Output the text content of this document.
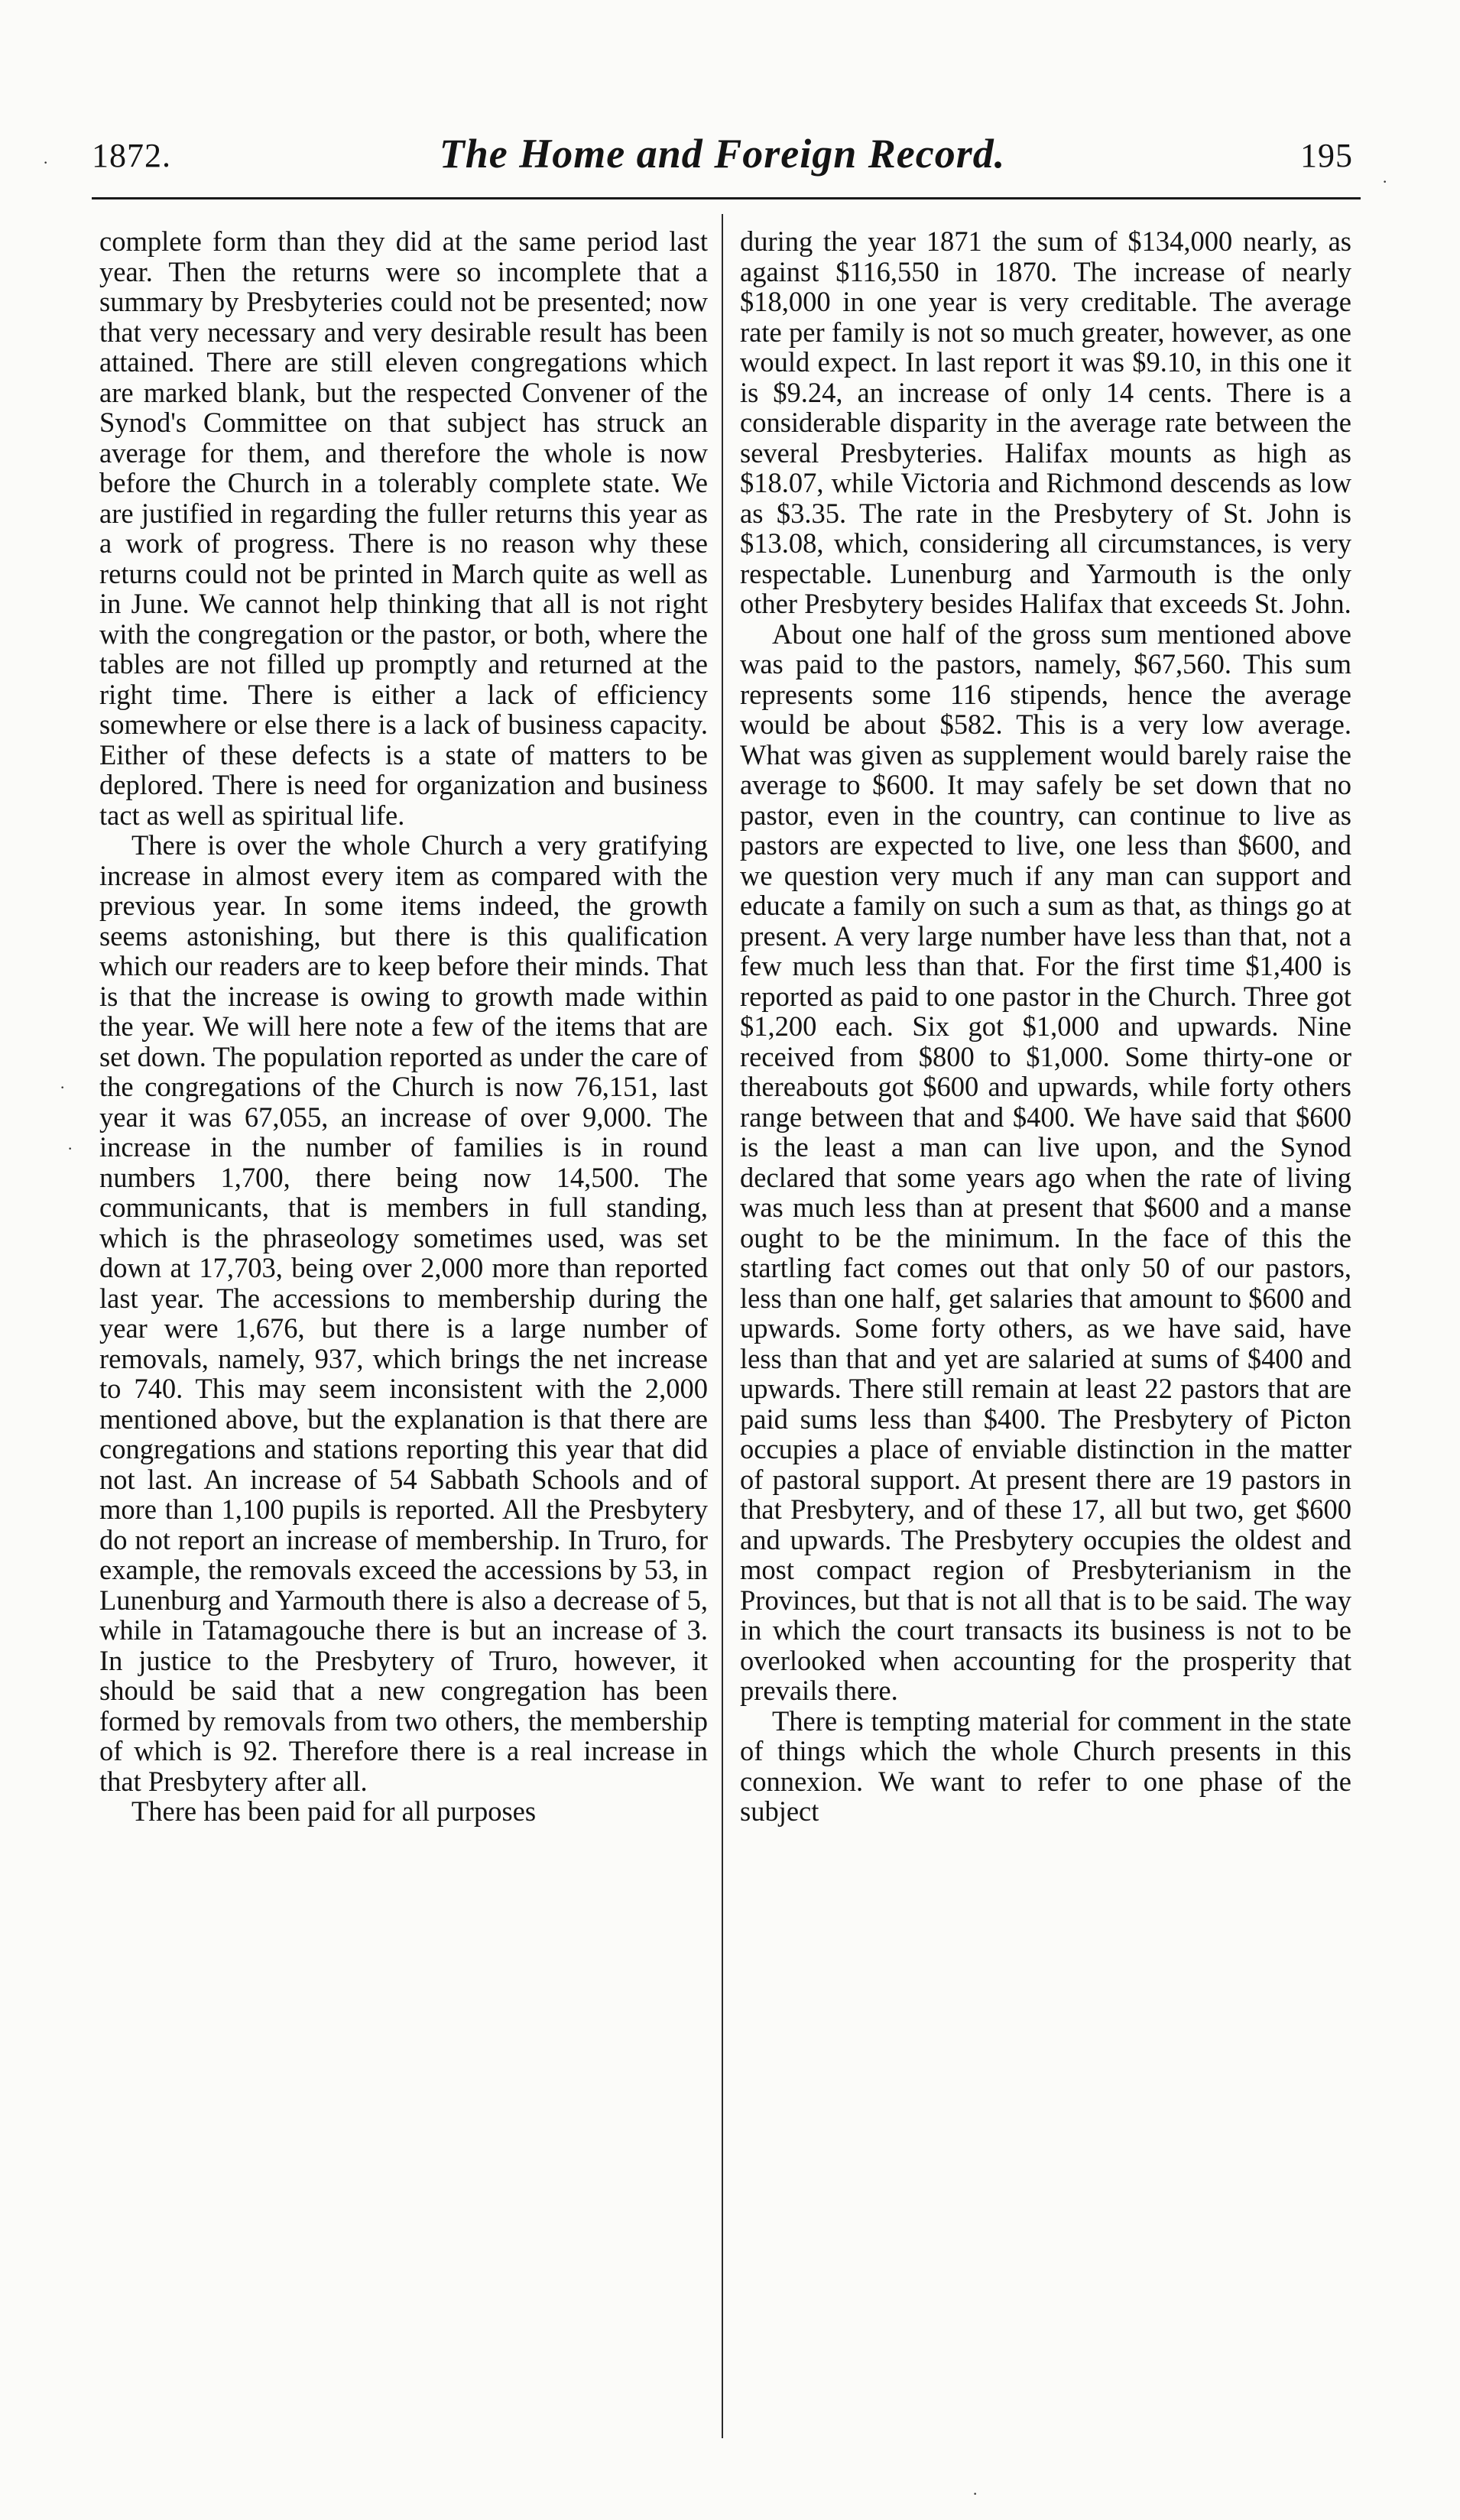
1872.	The Home and Foreign Record.	195

complete form than they did at the same period last year. Then the returns were so incomplete that a summary by Presbyteries could not be presented; now that very necessary and very desirable result has been attained. There are still eleven congregations which are marked blank, but the respected Convener of the Synod's Committee on that subject has struck an average for them, and therefore the whole is now before the Church in a tolerably complete state. We are justified in regarding the fuller returns this year as a work of progress. There is no reason why these returns could not be printed in March quite as well as in June. We cannot help thinking that all is not right with the congregation or the pastor, or both, where the tables are not filled up promptly and returned at the right time. There is either a lack of efficiency somewhere or else there is a lack of business capacity. Either of these defects is a state of matters to be deplored. There is need for organization and business tact as well as spiritual life.

There is over the whole Church a very gratifying increase in almost every item as compared with the previous year. In some items indeed, the growth seems astonishing, but there is this qualification which our readers are to keep before their minds. That is that the increase is owing to growth made within the year. We will here note a few of the items that are set down. The population reported as under the care of the congregations of the Church is now 76,151, last year it was 67,055, an increase of over 9,000. The increase in the number of families is in round numbers 1,700, there being now 14,500. The communicants, that is members in full standing, which is the phraseology sometimes used, was set down at 17,703, being over 2,000 more than reported last year. The accessions to membership during the year were 1,676, but there is a large number of removals, namely, 937, which brings the net increase to 740. This may seem inconsistent with the 2,000 mentioned above, but the explanation is that there are congregations and stations reporting this year that did not last. An increase of 54 Sabbath Schools and of more than 1,100 pupils is reported. All the Presbytery do not report an increase of membership. In Truro, for example, the removals exceed the accessions by 53, in Lunenburg and Yarmouth there is also a decrease of 5, while in Tatamagouche there is but an increase of 3. In justice to the Presbytery of Truro, however, it should be said that a new congregation has been formed by removals from two others, the membership of which is 92. Therefore there is a real increase in that Presbytery after all.

There has been paid for all purposes

during the year 1871 the sum of $134,000 nearly, as against $116,550 in 1870. The increase of nearly $18,000 in one year is very creditable. The average rate per family is not so much greater, however, as one would expect. In last report it was $9.10, in this one it is $9.24, an increase of only 14 cents. There is a considerable disparity in the average rate between the several Presbyteries. Halifax mounts as high as $18.07, while Victoria and Richmond descends as low as $3.35. The rate in the Presbytery of St. John is $13.08, which, considering all circumstances, is very respectable. Lunenburg and Yarmouth is the only other Presbytery besides Halifax that exceeds St. John.

About one half of the gross sum mentioned above was paid to the pastors, namely, $67,560. This sum represents some 116 stipends, hence the average would be about $582. This is a very low average. What was given as supplement would barely raise the average to $600. It may safely be set down that no pastor, even in the country, can continue to live as pastors are expected to live, one less than $600, and we question very much if any man can support and educate a family on such a sum as that, as things go at present. A very large number have less than that, not a few much less than that. For the first time $1,400 is reported as paid to one pastor in the Church. Three got $1,200 each. Six got $1,000 and upwards. Nine received from $800 to $1,000. Some thirty-one or thereabouts got $600 and upwards, while forty others range between that and $400. We have said that $600 is the least a man can live upon, and the Synod declared that some years ago when the rate of living was much less than at present that $600 and a manse ought to be the minimum. In the face of this the startling fact comes out that only 50 of our pastors, less than one half, get salaries that amount to $600 and upwards. Some forty others, as we have said, have less than that and yet are salaried at sums of $400 and upwards. There still remain at least 22 pastors that are paid sums less than $400. The Presbytery of Picton occupies a place of enviable distinction in the matter of pastoral support. At present there are 19 pastors in that Presbytery, and of these 17, all but two, get $600 and upwards. The Presbytery occupies the oldest and most compact region of Presbyterianism in the Provinces, but that is not all that is to be said. The way in which the court transacts its business is not to be overlooked when accounting for the prosperity that prevails there.

There is tempting material for comment in the state of things which the whole Church presents in this connexion. We want to refer to one phase of the subject

·
·
·
·
·
